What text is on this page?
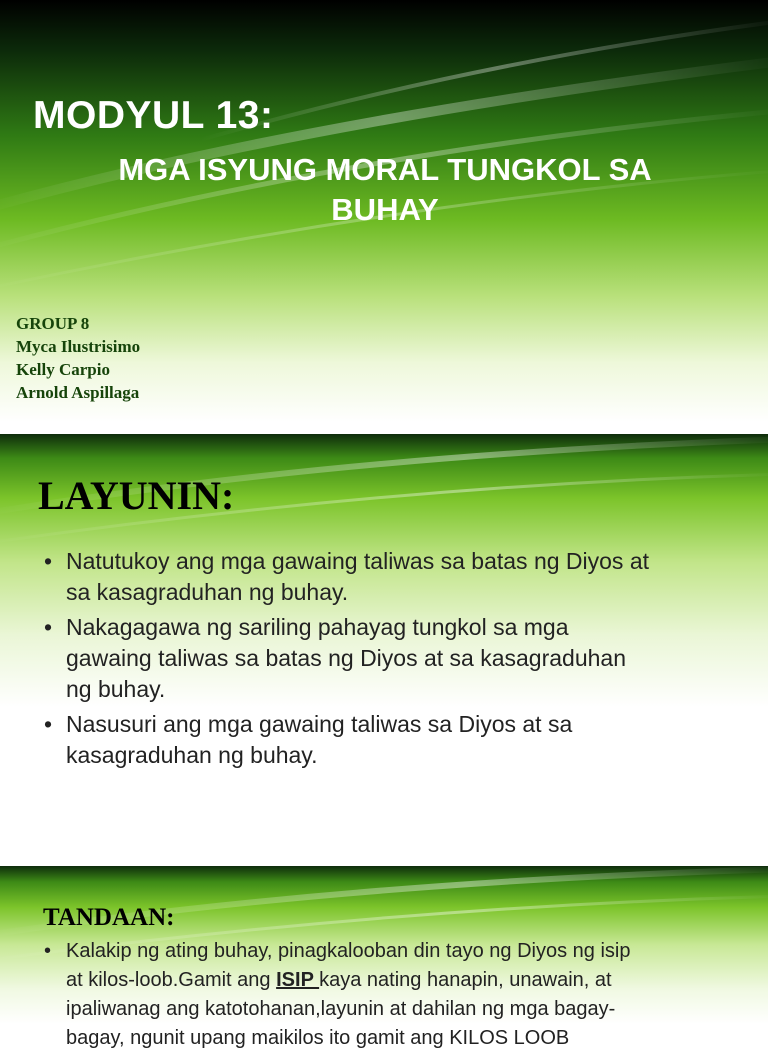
MODYUL 13:
MGA ISYUNG MORAL TUNGKOL SA
BUHAY
GROUP 8
Myca Ilustrisimo
Kelly Carpio
Arnold Aspillaga
LAYUNIN:
• Natutukoy ang mga gawaing taliwas sa batas ng Diyos at
sa kasagraduhan ng buhay.
• Nakagagawa ng sariling pahayag tungkol sa mga
gawaing taliwas sa batas ng Diyos at sa kasagraduhan
ng buhay.
• Nasusuri ang mga gawaing taliwas sa Diyos at sa
kasagraduhan ng buhay.
TANDAAN:
• Kalakip ng ating buhay, pinagkalooban din tayo ng Diyos ng isip
at kilos-loob.Gamit ang ISIP kaya nating hanapin, unawain, at
ipaliwanag ang katotohanan,layunin at dahilan ng mga bagay-
bagay, ngunit upang maikilos ito gamit ang KILOS LOOB
